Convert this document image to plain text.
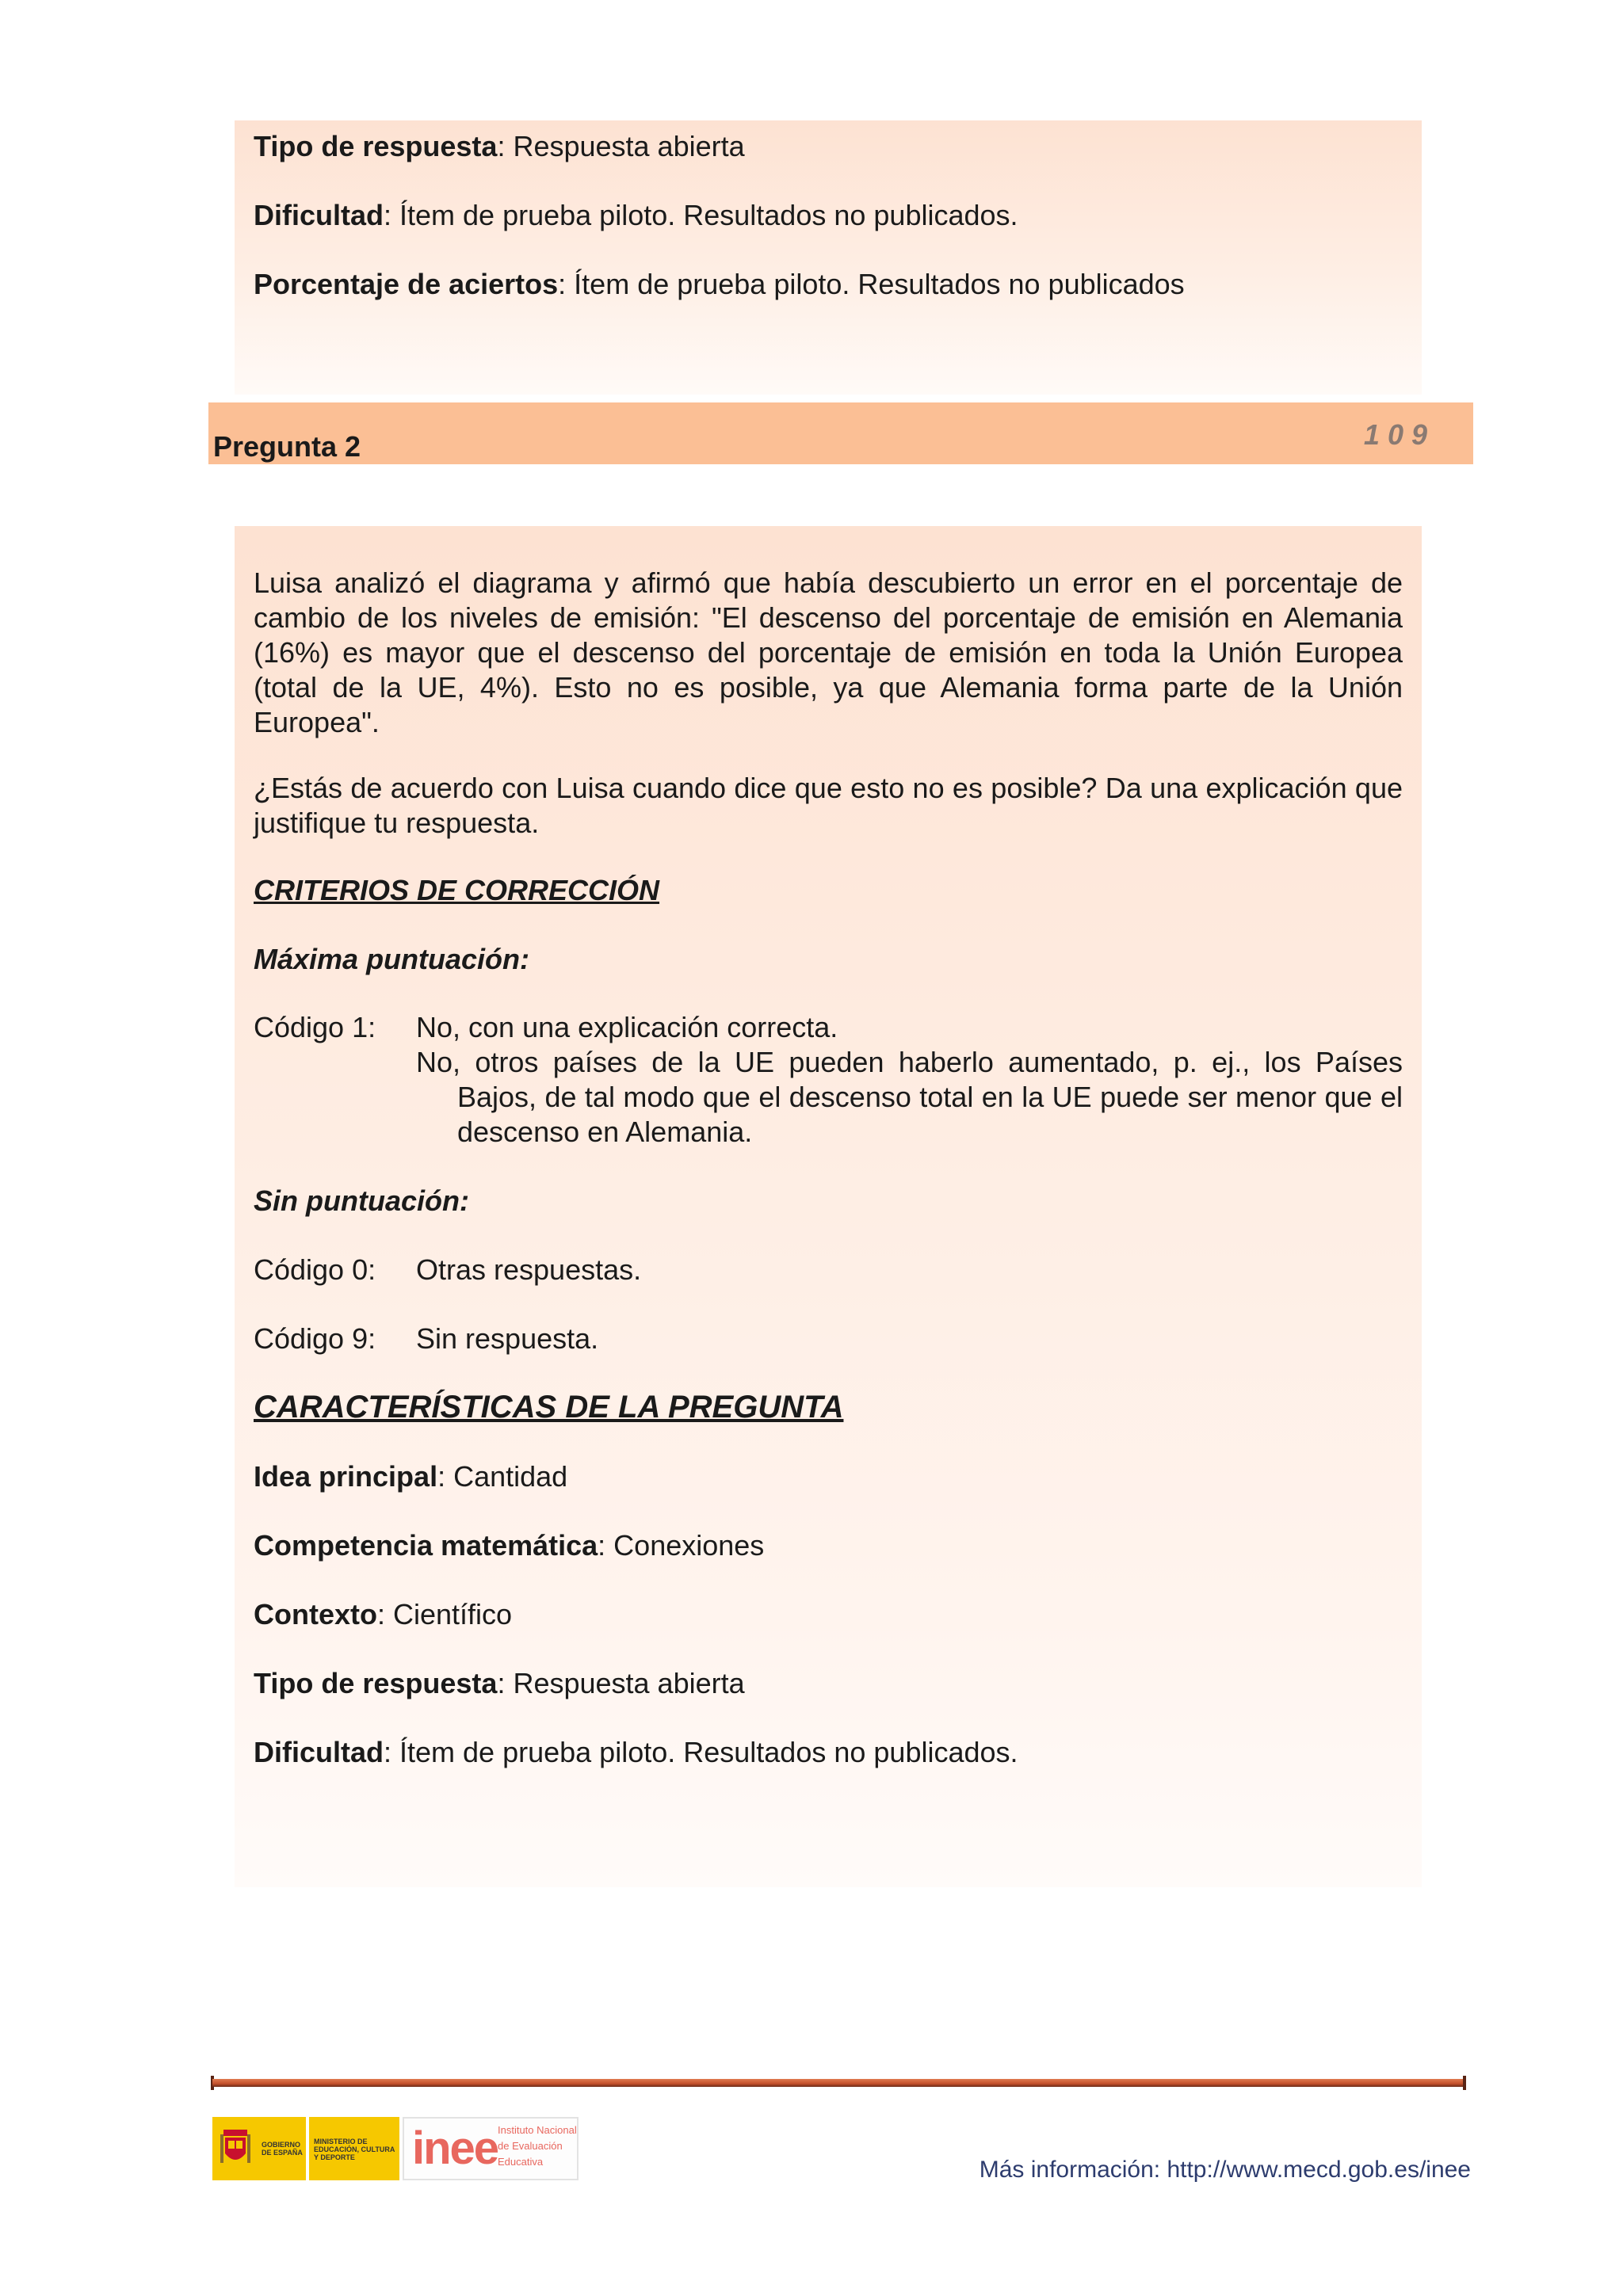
Tipo de respuesta: Respuesta abierta

Dificultad: Ítem de prueba piloto. Resultados no publicados.

Porcentaje de aciertos: Ítem de prueba piloto. Resultados no publicados

Pregunta 2	109

Luisa analizó el diagrama y afirmó que había descubierto un error en el porcentaje de cambio de los niveles de emisión: "El descenso del porcentaje de emisión en Alemania (16%) es mayor que el descenso del porcentaje de emisión en toda la Unión Europea (total de la UE, 4%). Esto no es posible, ya que Alemania forma parte de la Unión Europea".

¿Estás de acuerdo con Luisa cuando dice que esto no es posible? Da una explicación que justifique tu respuesta.

CRITERIOS DE CORRECCIÓN

Máxima puntuación:

Código 1: No, con una explicación correcta.
No, otros países de la UE pueden haberlo aumentado, p. ej., los Países Bajos, de tal modo que el descenso total en la UE puede ser menor que el descenso en Alemania.

Sin puntuación:

Código 0: Otras respuestas.
Código 9: Sin respuesta.

CARACTERÍSTICAS DE LA PREGUNTA

Idea principal: Cantidad

Competencia matemática: Conexiones

Contexto: Científico

Tipo de respuesta: Respuesta abierta

Dificultad: Ítem de prueba piloto. Resultados no publicados.

GOBIERNO DE ESPAÑA
MINISTERIO DE EDUCACIÓN, CULTURA Y DEPORTE	inee Instituto Nacional
de Evaluación
Educativa	Más información: http://www.mecd.gob.es/inee
